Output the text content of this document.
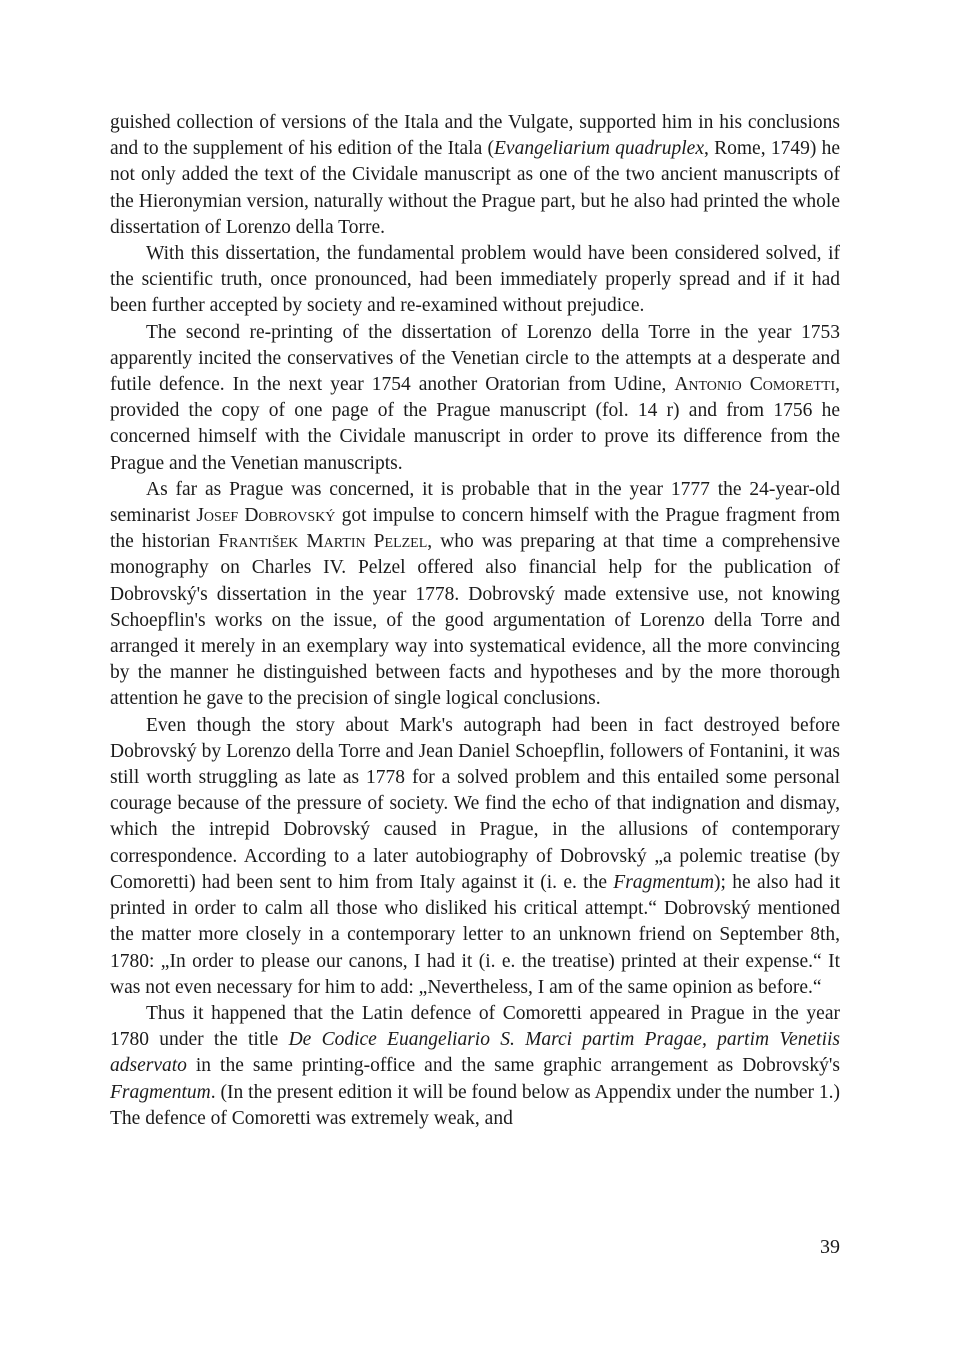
guished collection of versions of the Itala and the Vulgate, supported him in his conclusions and to the supplement of his edition of the Itala (Evangeliarium quadruplex, Rome, 1749) he not only added the text of the Cividale manuscript as one of the two ancient manuscripts of the Hieronymian version, naturally without the Prague part, but he also had printed the whole dissertation of Lorenzo della Torre.

With this dissertation, the fundamental problem would have been considered solved, if the scientific truth, once pronounced, had been immediately properly spread and if it had been further accepted by society and re-examined without prejudice.

The second re-printing of the dissertation of Lorenzo della Torre in the year 1753 apparently incited the conservatives of the Venetian circle to the attempts at a desperate and futile defence. In the next year 1754 another Oratorian from Udine, Antonio Comoretti, provided the copy of one page of the Prague manuscript (fol. 14 r) and from 1756 he concerned himself with the Cividale manuscript in order to prove its difference from the Prague and the Venetian manuscripts.

As far as Prague was concerned, it is probable that in the year 1777 the 24-year-old seminarist Josef Dobrovský got impulse to concern himself with the Prague fragment from the historian František Martin Pelzel, who was preparing at that time a comprehensive monography on Charles IV. Pelzel offered also financial help for the publication of Dobrovský's dissertation in the year 1778. Dobrovský made extensive use, not knowing Schoepflin's works on the issue, of the good argumentation of Lorenzo della Torre and arranged it merely in an exemplary way into systematical evidence, all the more convincing by the manner he distinguished between facts and hypotheses and by the more thorough attention he gave to the precision of single logical conclusions.

Even though the story about Mark's autograph had been in fact destroyed before Dobrovský by Lorenzo della Torre and Jean Daniel Schoepflin, followers of Fontanini, it was still worth struggling as late as 1778 for a solved problem and this entailed some personal courage because of the pressure of society. We find the echo of that indignation and dismay, which the intrepid Dobrovský caused in Prague, in the allusions of contemporary correspondence. According to a later autobiography of Dobrovský „a polemic treatise (by Comoretti) had been sent to him from Italy against it (i. e. the Fragmentum); he also had it printed in order to calm all those who disliked his critical attempt.“ Dobrovský mentioned the matter more closely in a contemporary letter to an unknown friend on September 8th, 1780: „In order to please our canons, I had it (i. e. the treatise) printed at their expense.“ It was not even necessary for him to add: „Nevertheless, I am of the same opinion as before.“

Thus it happened that the Latin defence of Comoretti appeared in Prague in the year 1780 under the title De Codice Euangeliario S. Marci partim Pragae, partim Venetiis adservato in the same printing-office and the same graphic arrangement as Dobrovský's Fragmentum. (In the present edition it will be found below as Appendix under the number 1.) The defence of Comoretti was extremely weak, and

39
